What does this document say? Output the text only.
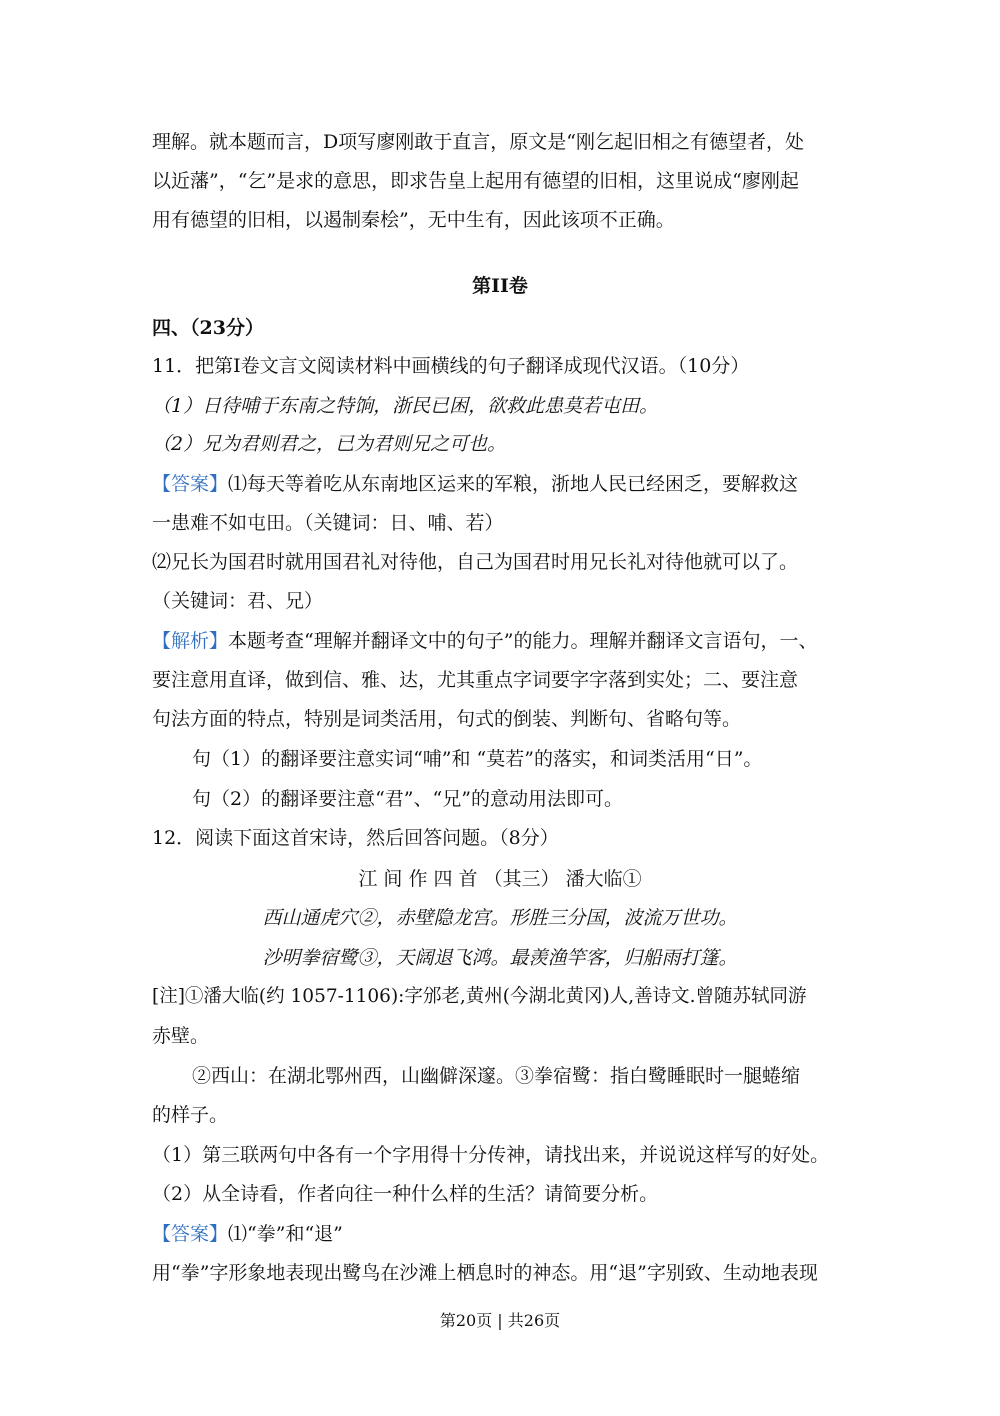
理解。就本题而言，D项写廖刚敢于直言，原文是“刚乞起旧相之有德望者，处
以近藩”，“乞”是求的意思，即求告皇上起用有德望的旧相，这里说成“廖刚起
用有德望的旧相，以遏制秦桧”，无中生有，因此该项不正确。
第II卷
四、（23分）
11．把第I卷文言文阅读材料中画横线的句子翻译成现代汉语。（10分）
（1）日待哺于东南之特饷，浙民已困，欲救此患莫若屯田。
（2）兄为君则君之，已为君则兄之可也。
【答案】⑴每天等着吃从东南地区运来的军粮，浙地人民已经困乏，要解救这
一患难不如屯田。（关键词：日、哺、若）
⑵兄长为国君时就用国君礼对待他，自己为国君时用兄长礼对待他就可以了。
（关键词：君、兄）
【解析】本题考查“理解并翻译文中的句子”的能力。理解并翻译文言语句，一、
要注意用直译，做到信、雅、达，尤其重点字词要字字落到实处；二、要注意
句法方面的特点，特别是词类活用，句式的倒装、判断句、省略句等。
句（1）的翻译要注意实词“哺”和 “莫若”的落实，和词类活用“日”。
句（2）的翻译要注意“君”、“兄”的意动用法即可。
12．阅读下面这首宋诗，然后回答问题。（8分）
江 间 作 四 首 （其三） 潘大临①
西山通虎穴②，赤壁隐龙宫。形胜三分国，波流万世功。
沙明拳宿鹭③，天阔退飞鸿。最羡渔竿客，归船雨打篷。
[注]①潘大临(约 1057-1106):字邠老,黄州(今湖北黄冈)人,善诗文.曾随苏轼同游
赤壁。
②西山：在湖北鄂州西，山幽僻深邃。③拳宿鹭：指白鹭睡眠时一腿蜷缩
的样子。
（1）第三联两句中各有一个字用得十分传神，请找出来，并说说这样写的好处。
（2）从全诗看，作者向往一种什么样的生活？请简要分析。
【答案】⑴“拳”和“退”
用“拳”字形象地表现出鹭鸟在沙滩上栖息时的神态。用“退”字别致、生动地表现
第20页 | 共26页
